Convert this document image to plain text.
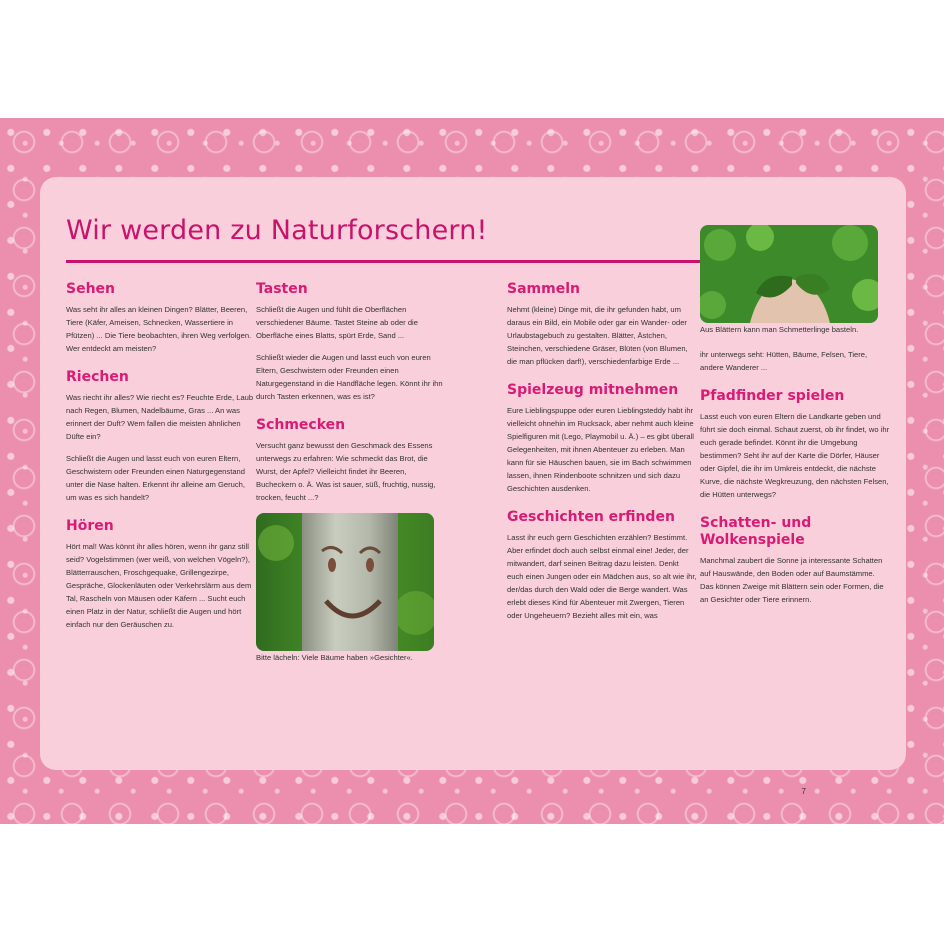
Wir werden zu Naturforschern!
Sehen

Was seht ihr alles an kleinen Dingen? Blätter, Beeren, Tiere (Käfer, Ameisen, Schnecken, Wassertiere in Pfützen) ... Die Tiere beobachten, ihren Weg verfolgen. Wer entdeckt am meisten?

Riechen

Was riecht ihr alles? Wie riecht es? Feuchte Erde, Laub nach Regen, Blumen, Nadelbäume, Gras ... An was erinnert der Duft? Wem fallen die meisten ähnlichen Düfte ein?

Schließt die Augen und lasst euch von euren Eltern, Geschwistern oder Freunden einen Naturgegenstand unter die Nase halten. Erkennt ihr alleine am Geruch, um was es sich handelt?

Hören

Hört mal! Was könnt ihr alles hören, wenn ihr ganz still seid? Vogelstimmen (wer weiß, von welchen Vögeln?), Blätterrauschen, Froschgequake, Grillengezirpe, Gespräche, Glockenläuten oder Verkehrslärm aus dem Tal, Rascheln von Mäusen oder Käfern ... Sucht euch einen Platz in der Natur, schließt die Augen und hört einfach nur den Geräuschen zu.

Tasten

Schließt die Augen und fühlt die Oberflächen verschiedener Bäume. Tastet Steine ab oder die Oberfläche eines Blatts, spürt Erde, Sand ...

Schließt wieder die Augen und lasst euch von euren Eltern, Geschwistern oder Freunden einen Naturgegenstand in die Handfläche legen. Könnt ihr ihn durch Tasten erkennen, was es ist?

Schmecken

Versucht ganz bewusst den Geschmack des Essens unterwegs zu erfahren: Wie schmeckt das Brot, die Wurst, der Apfel? Vielleicht findet ihr Beeren, Bucheckern o. Ä. Was ist sauer, süß, fruchtig, nussig, trocken, feucht ...?

Bitte lächeln: Viele Bäume haben »Gesichter«.

Sammeln

Nehmt (kleine) Dinge mit, die ihr gefunden habt, um daraus ein Bild, ein Mobile oder gar ein Wander- oder Urlaubstagebuch zu gestalten. Blätter, Ästchen, Steinchen, verschiedene Gräser, Blüten (von Blumen, die man pflücken darf!), verschiedenfarbige Erde ...

Spielzeug mitnehmen

Eure Lieblingspuppe oder euren Lieblingsteddy habt ihr vielleicht ohnehin im Rucksack, aber nehmt auch kleine Spielfiguren mit (Lego, Playmobil u. Ä.) – es gibt überall Gelegenheiten, mit ihnen Abenteuer zu erleben. Man kann für sie Häuschen bauen, sie im Bach schwimmen lassen, ihnen Rindenboote schnitzen und sich dazu Geschichten ausdenken.

Geschichten erfinden

Lasst ihr euch gern Geschichten erzählen? Bestimmt. Aber erfindet doch auch selbst einmal eine! Jeder, der mitwandert, darf seinen Beitrag dazu leisten. Denkt euch einen Jungen oder ein Mädchen aus, so alt wie ihr, der/das durch den Wald oder die Berge wandert. Was erlebt dieses Kind für Abenteuer mit Zwergen, Tieren oder Ungeheuern? Bezieht alles mit ein, was

Aus Blättern kann man Schmetterlinge basteln.

ihr unterwegs seht: Hütten, Bäume, Felsen, Tiere, andere Wanderer ...

Pfadfinder spielen

Lasst euch von euren Eltern die Landkarte geben und führt sie doch einmal. Schaut zuerst, ob ihr findet, wo ihr euch gerade befindet. Könnt ihr die Umgebung bestimmen? Seht ihr auf der Karte die Dörfer, Häuser oder Gipfel, die ihr im Umkreis entdeckt, die nächste Kurve, die nächste Wegkreuzung, den nächsten Felsen, die Hütten unterwegs?

Schatten- und Wolkenspiele

Manchmal zaubert die Sonne ja interessante Schatten auf Hauswände, den Boden oder auf Baumstämme. Das können Zweige mit Blättern sein oder Formen, die an Gesichter oder Tiere erinnern.

7
